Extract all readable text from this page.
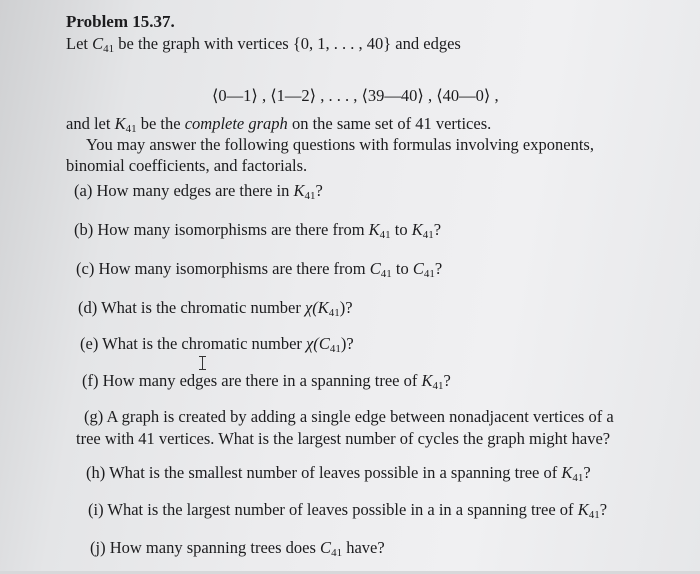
Problem 15.37.
Let C41 be the graph with vertices {0, 1, . . . , 40} and edges
⟨0—1⟩ , ⟨1—2⟩ , . . . , ⟨39—40⟩ , ⟨40—0⟩ ,
and let K41 be the complete graph on the same set of 41 vertices.
You may answer the following questions with formulas involving exponents,
binomial coefficients, and factorials.
(a) How many edges are there in K41?
(b) How many isomorphisms are there from K41 to K41?
(c) How many isomorphisms are there from C41 to C41?
(d) What is the chromatic number χ(K41)?
(e) What is the chromatic number χ(C41)?
(f) How many edges are there in a spanning tree of K41?
(g) A graph is created by adding a single edge between nonadjacent vertices of a
tree with 41 vertices. What is the largest number of cycles the graph might have?
(h) What is the smallest number of leaves possible in a spanning tree of K41?
(i) What is the largest number of leaves possible in a in a spanning tree of K41?
(j) How many spanning trees does C41 have?
